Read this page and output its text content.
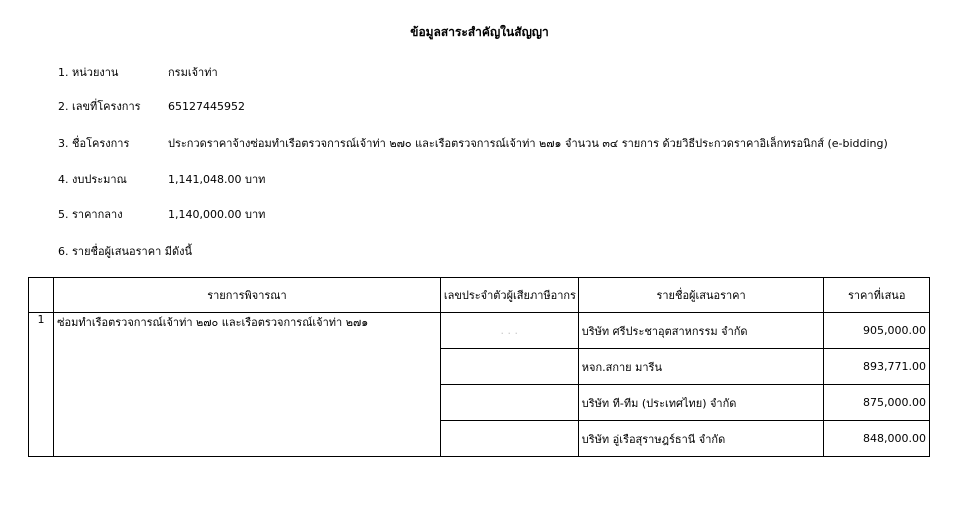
ข้อมูลสาระสำคัญในสัญญา
1. หน่วยงาน	กรมเจ้าท่า
2. เลขที่โครงการ 65127445952
3. ชื่อโครงการ	ประกวดราคาจ้างซ่อมทำเรือตรวจการณ์เจ้าท่า ๒๗๐ และเรือตรวจการณ์เจ้าท่า ๒๗๑ จำนวน ๓๔ รายการ ด้วยวิธีประกวดราคาอิเล็กทรอนิกส์ (e-bidding)
4. งบประมาณ	1,141,048.00 บาท
5. ราคากลาง	1,140,000.00 บาท
6. รายชื่อผู้เสนอราคา มีดังนี้
	รายการพิจารณา	เลขประจำตัวผู้เสียภาษีอากร	รายชื่อผู้เสนอราคา	ราคาที่เสนอ
1	ซ่อมทำเรือตรวจการณ์เจ้าท่า ๒๗๐ และเรือตรวจการณ์เจ้าท่า ๒๗๑	. . .	บริษัท ศรีประชาอุตสาหกรรม จำกัด	905,000.00
			หจก.สกาย มารีน	893,771.00
			บริษัท ที-ทีม (ประเทศไทย) จำกัด	875,000.00
			บริษัท อู่เรือสุราษฎร์ธานี จำกัด	848,000.00
